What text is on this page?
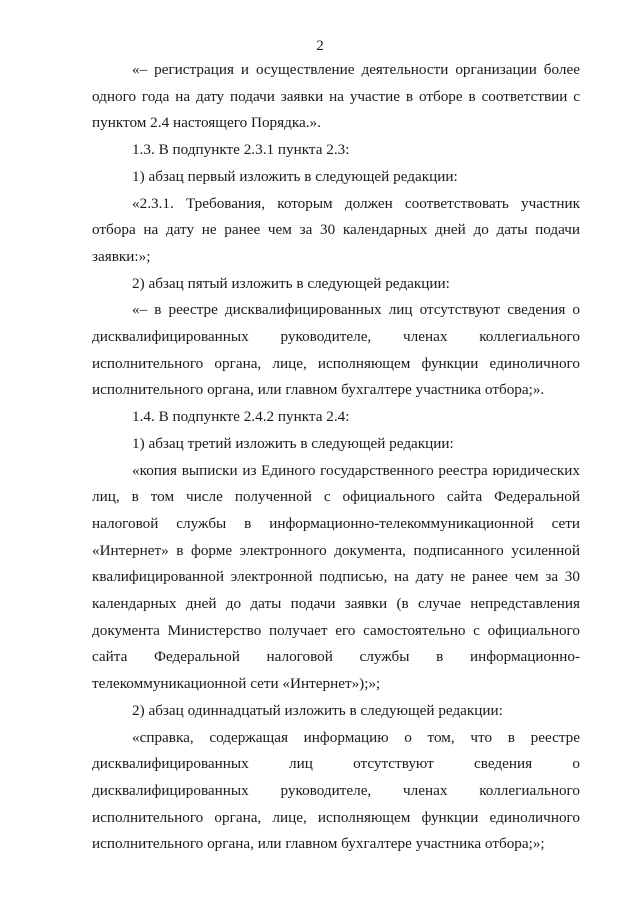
2

«– регистрация и осуществление деятельности организации более одного года на дату подачи заявки на участие в отборе в соответствии с пунктом 2.4 настоящего Порядка.».

1.3. В подпункте 2.3.1 пункта 2.3:

1) абзац первый изложить в следующей редакции:

«2.3.1. Требования, которым должен соответствовать участник отбора на дату не ранее чем за 30 календарных дней до даты подачи заявки:»;

2) абзац пятый изложить в следующей редакции:

«– в реестре дисквалифицированных лиц отсутствуют сведения о дисквалифицированных руководителе, членах коллегиального исполнительного органа, лице, исполняющем функции единоличного исполнительного органа, или главном бухгалтере участника отбора;».

1.4. В подпункте 2.4.2 пункта 2.4:

1) абзац третий изложить в следующей редакции:

«копия выписки из Единого государственного реестра юридических лиц, в том числе полученной с официального сайта Федеральной налоговой службы в информационно-телекоммуникационной сети «Интернет» в форме электронного документа, подписанного усиленной квалифицированной электронной подписью, на дату не ранее чем за 30 календарных дней до даты подачи заявки (в случае непредставления документа Министерство получает его самостоятельно с официального сайта Федеральной налоговой службы в информационно-телекоммуникационной сети «Интернет»);»;

2) абзац одиннадцатый изложить в следующей редакции:

«справка, содержащая информацию о том, что в реестре дисквалифицированных лиц отсутствуют сведения о дисквалифицированных руководителе, членах коллегиального исполнительного органа, лице, исполняющем функции единоличного исполнительного органа, или главном бухгалтере участника отбора;»;
